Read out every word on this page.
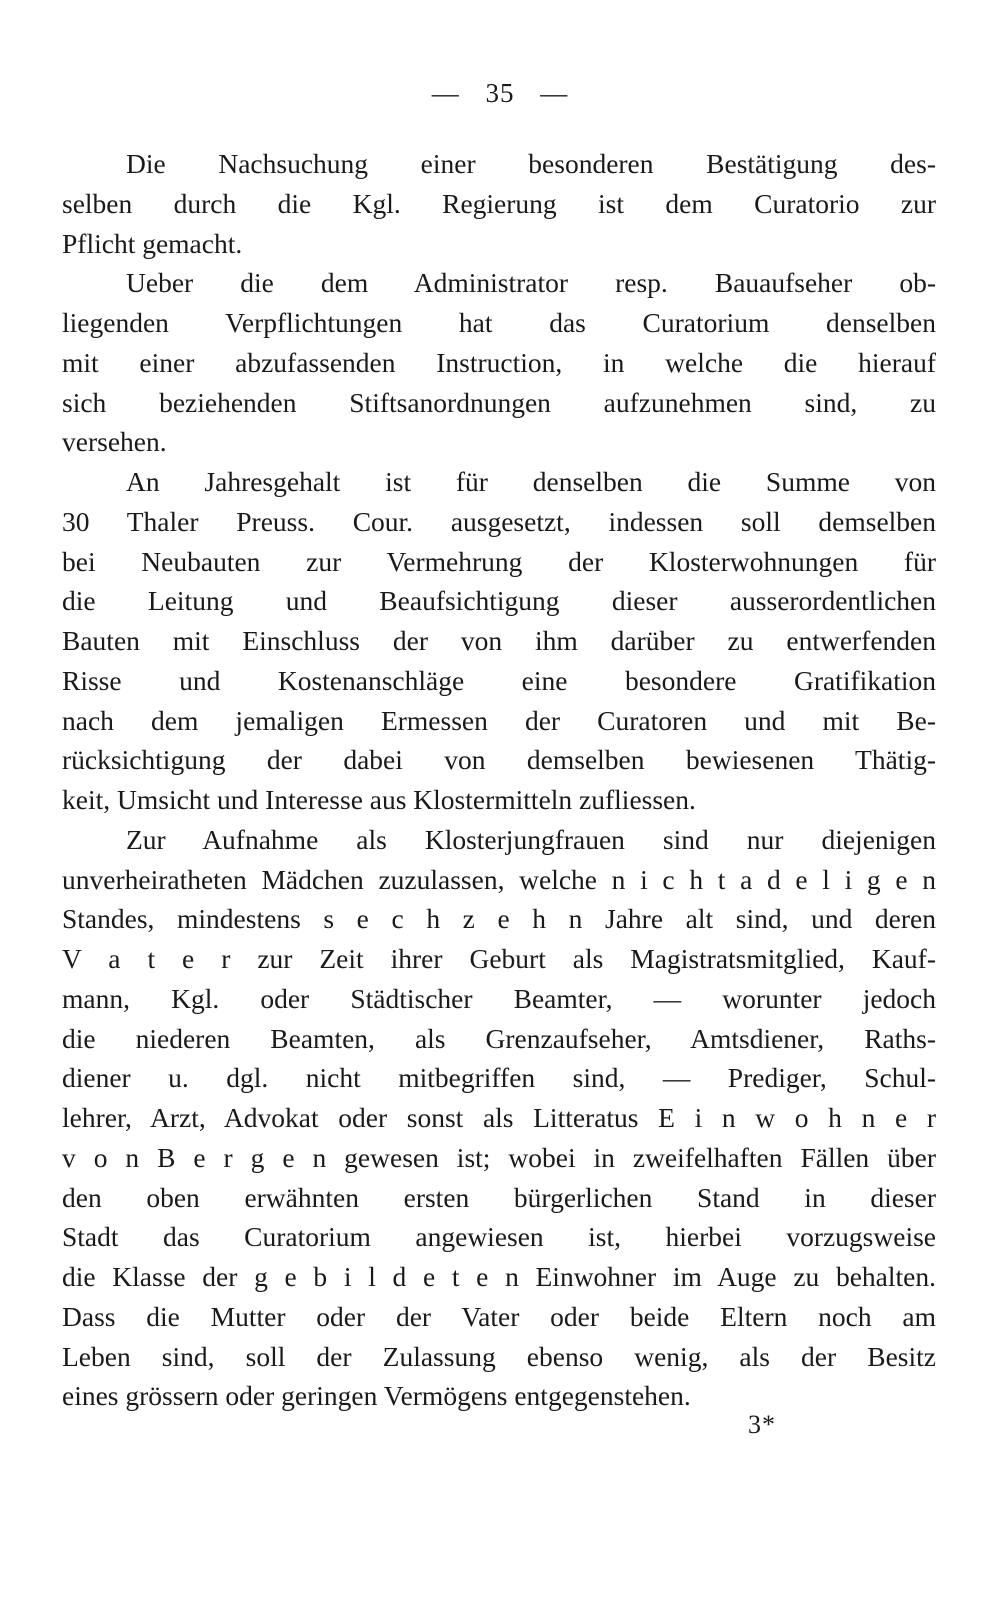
— 35 —
Die Nachsuchung einer besonderen Bestätigung des-
selben durch die Kgl. Regierung ist dem Curatorio zur
Pflicht gemacht.
Ueber die dem Administrator resp. Bauaufseher ob-
liegenden Verpflichtungen hat das Curatorium denselben
mit einer abzufassenden Instruction, in welche die hierauf
sich beziehenden Stiftsanordnungen aufzunehmen sind, zu
versehen.
An Jahresgehalt ist für denselben die Summe von
30 Thaler Preuss. Cour. ausgesetzt, indessen soll demselben
bei Neubauten zur Vermehrung der Klosterwohnungen für
die Leitung und Beaufsichtigung dieser ausserordentlichen
Bauten mit Einschluss der von ihm darüber zu entwerfenden
Risse und Kostenanschläge eine besondere Gratifikation
nach dem jemaligen Ermessen der Curatoren und mit Be-
rücksichtigung der dabei von demselben bewiesenen Thätig-
keit, Umsicht und Interesse aus Klostermitteln zufliessen.
Zur Aufnahme als Klosterjungfrauen sind nur diejenigen
unverheiratheten Mädchen zuzulassen, welche n i c h t a d e l i g e n
Standes, mindestens s e c h z e h n Jahre alt sind, und deren
V a t e r zur Zeit ihrer Geburt als Magistratsmitglied, Kauf-
mann, Kgl. oder Städtischer Beamter, — worunter jedoch
die niederen Beamten, als Grenzaufseher, Amtsdiener, Raths-
diener u. dgl. nicht mitbegriffen sind, — Prediger, Schul-
lehrer, Arzt, Advokat oder sonst als Litteratus E i n w o h n e r
v o n B e r g e n gewesen ist; wobei in zweifelhaften Fällen über
den oben erwähnten ersten bürgerlichen Stand in dieser
Stadt das Curatorium angewiesen ist, hierbei vorzugsweise
die Klasse der g e b i l d e t e n Einwohner im Auge zu behalten.
Dass die Mutter oder der Vater oder beide Eltern noch am
Leben sind, soll der Zulassung ebenso wenig, als der Besitz
eines grössern oder geringen Vermögens entgegenstehen.
3*
